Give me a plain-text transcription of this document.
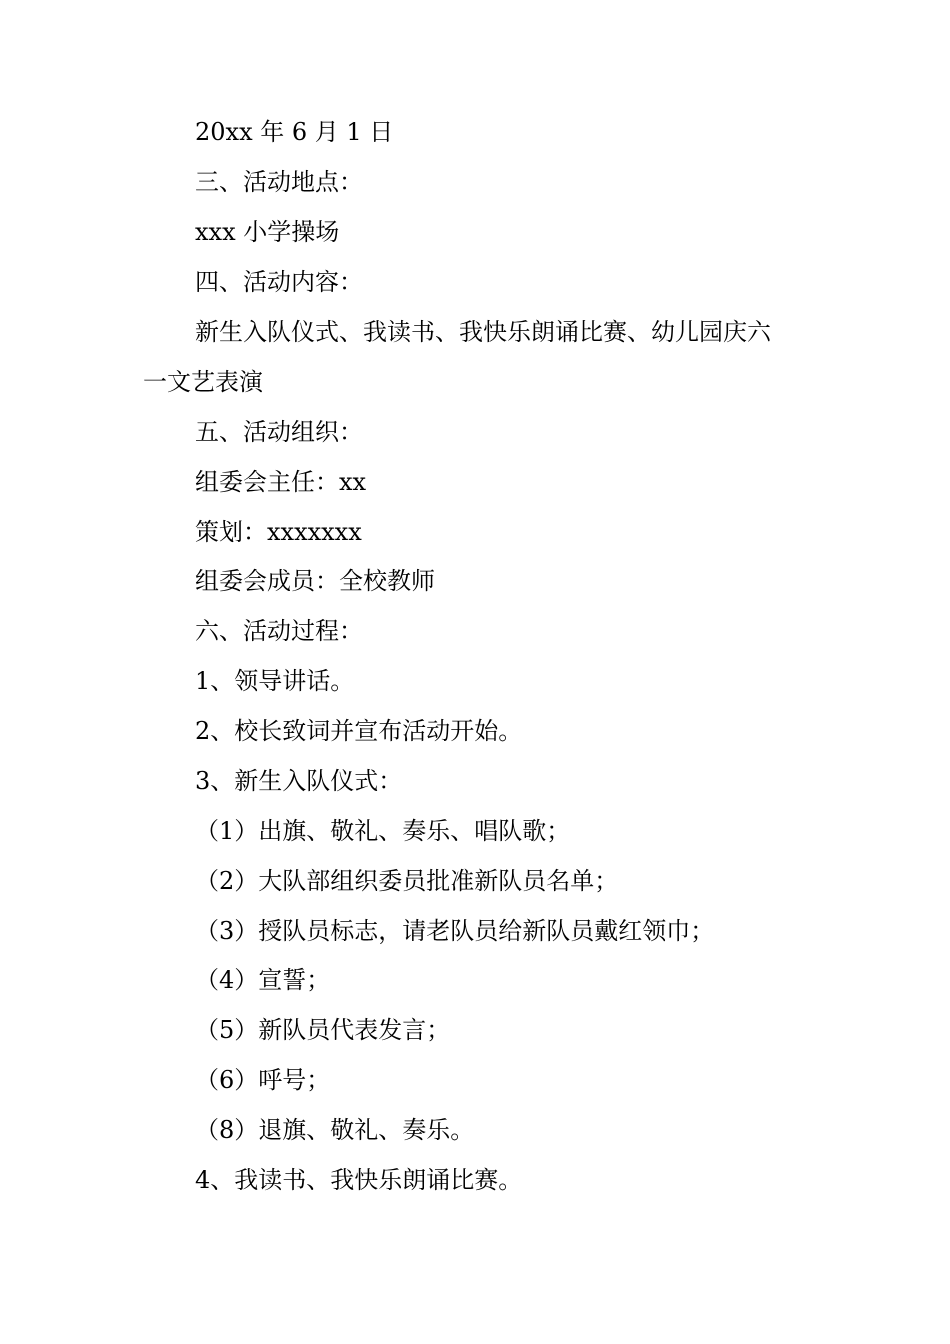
20xx 年 6 月 1 日
三、活动地点：
xxx 小学操场
四、活动内容：
新生入队仪式、我读书、我快乐朗诵比赛、幼儿园庆六
一文艺表演
五、活动组织：
组委会主任：xx
策划：xxxxxxx
组委会成员：全校教师
六、活动过程：
1、领导讲话。
2、校长致词并宣布活动开始。
3、新生入队仪式：
（1）出旗、敬礼、奏乐、唱队歌；
（2）大队部组织委员批准新队员名单；
（3）授队员标志，请老队员给新队员戴红领巾；
（4）宣誓；
（5）新队员代表发言；
（6）呼号；
（8）退旗、敬礼、奏乐。
4、我读书、我快乐朗诵比赛。
